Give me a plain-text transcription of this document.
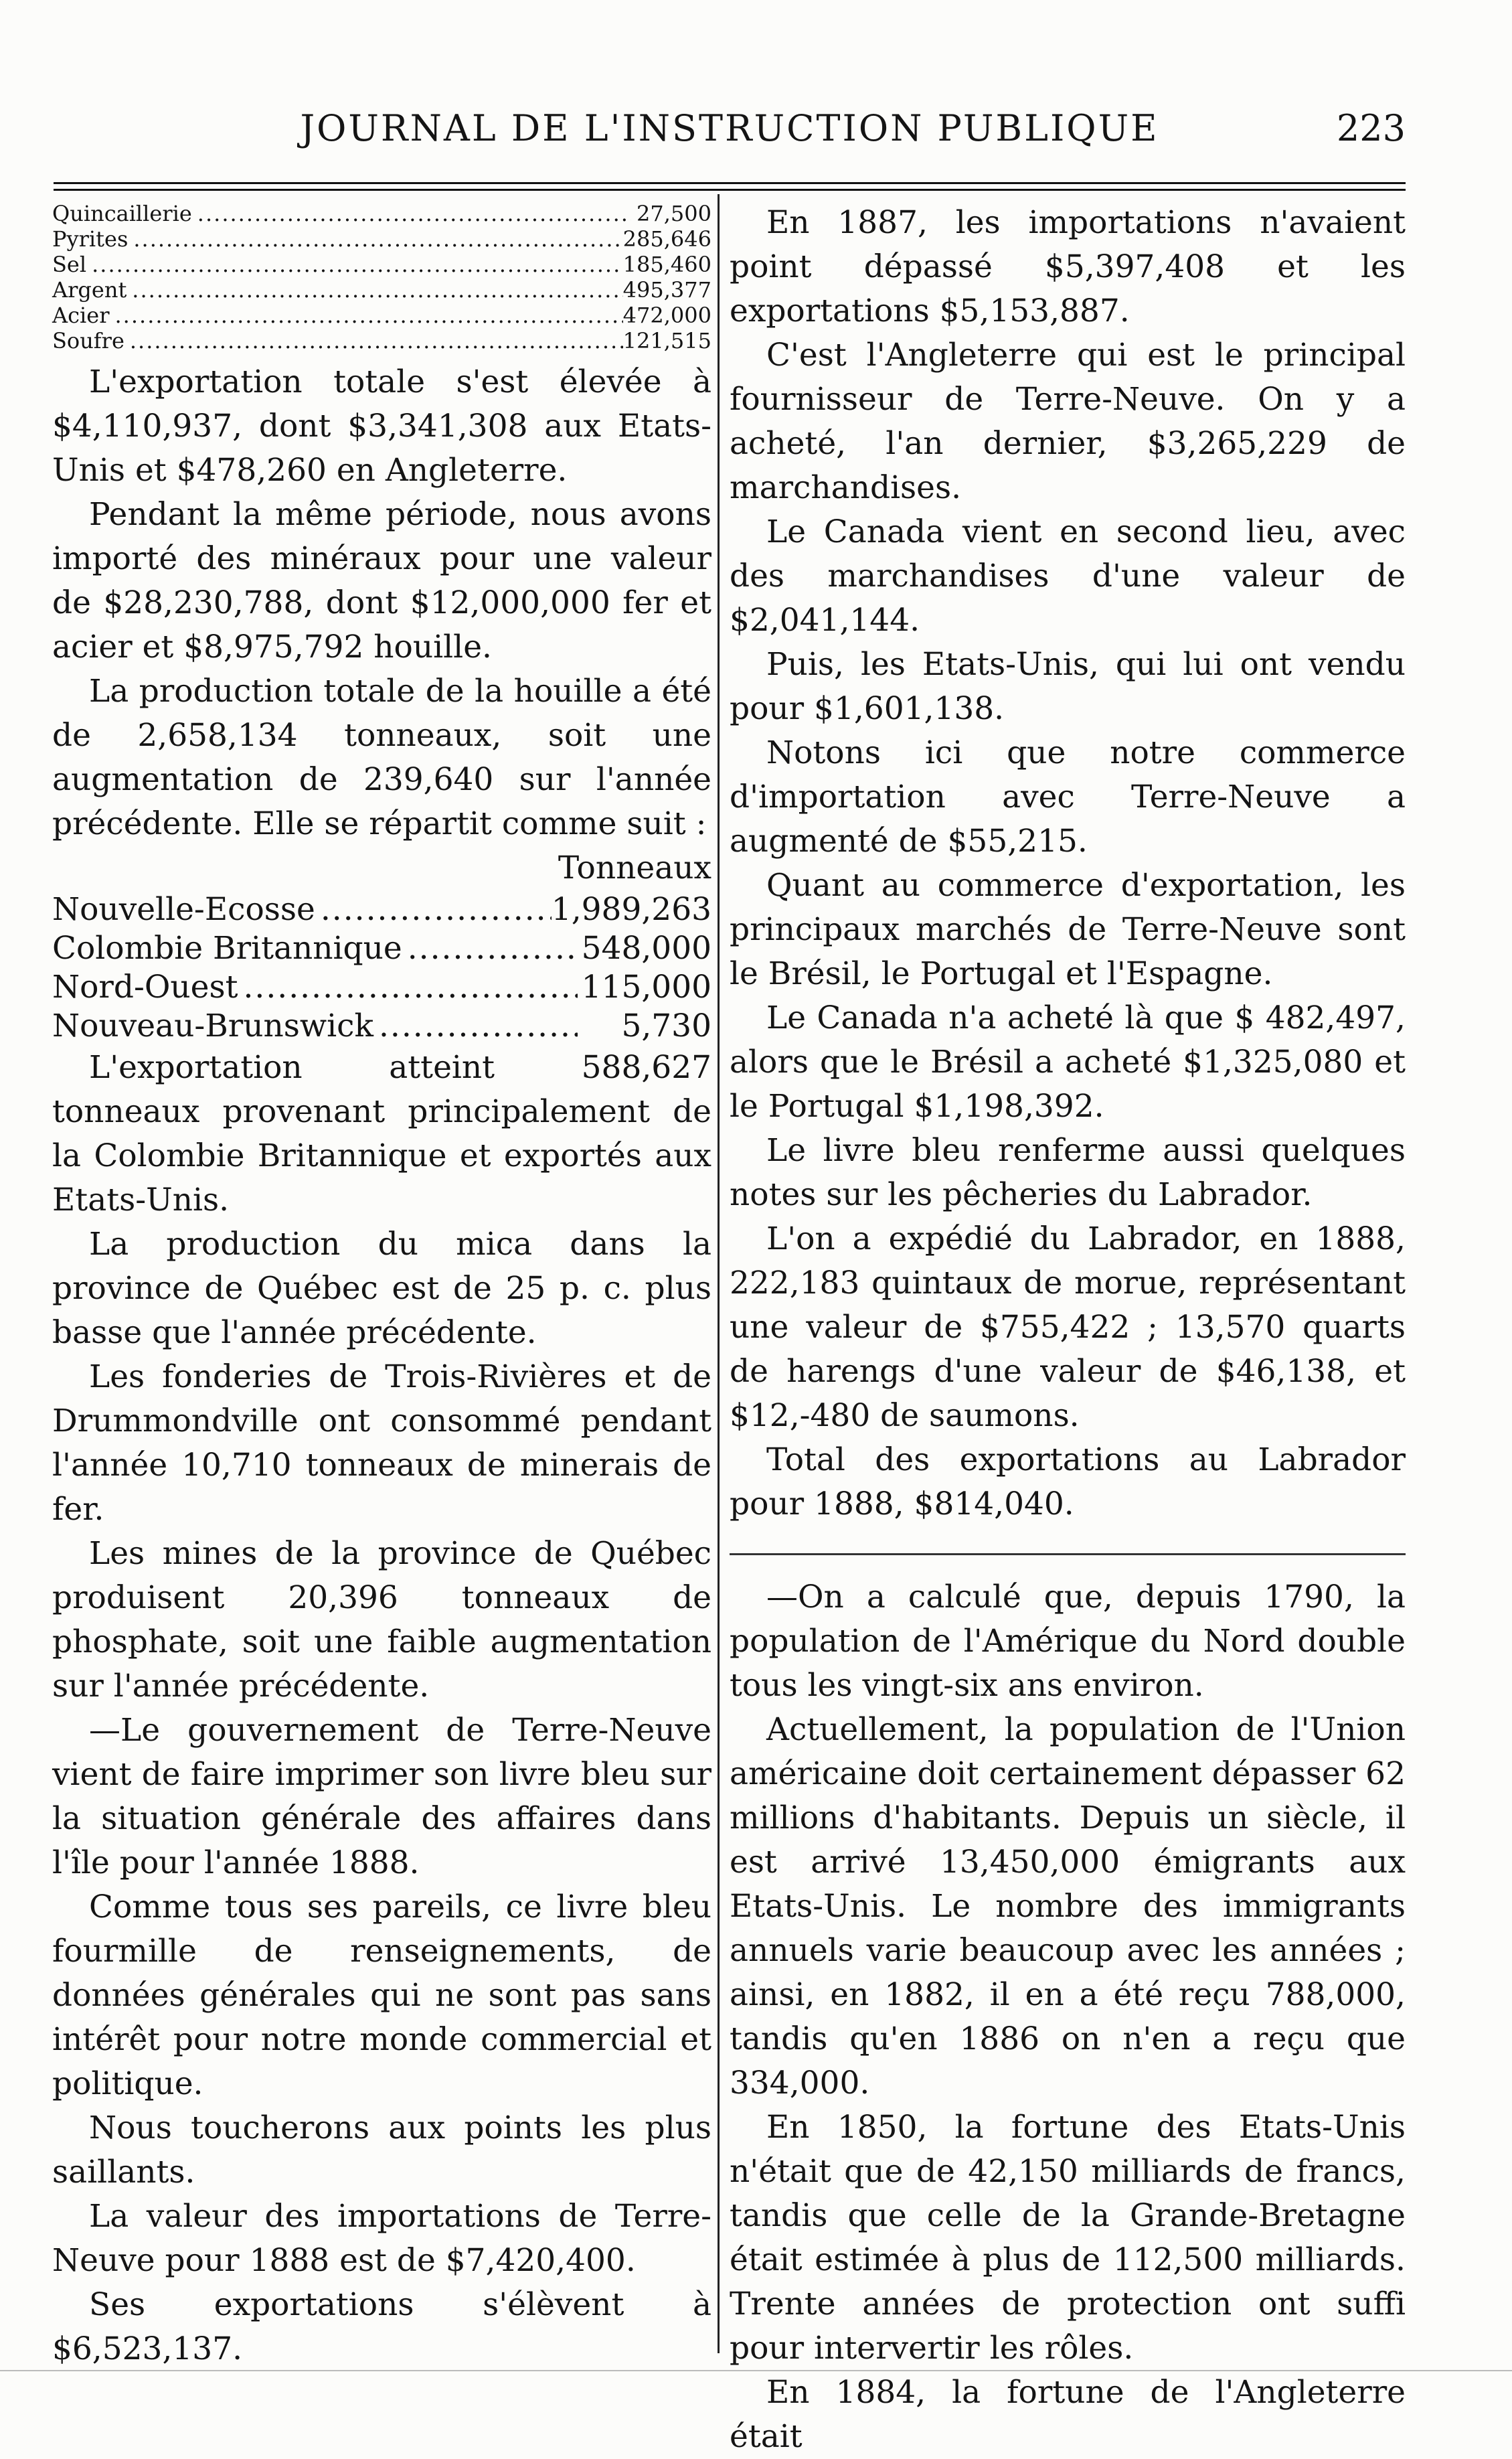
JOURNAL DE L'INSTRUCTION PUBLIQUE	223
Quincaillerie .....	27,500
Pyrites .....	285,646
Sel .....	185,460
Argent .....	495,377
Acier .....	472,000
Soufre .....	121,515

L'exportation totale s'est élevée à $4,110,937, dont $3,341,308 aux Etats-Unis et $478,260 en Angleterre.

Pendant la même période, nous avons importé des minéraux pour une valeur de $28,230,788, dont $12,000,000 fer et acier et $8,975,792 houille.

La production totale de la houille a été de 2,658,134 tonneaux, soit une augmentation de 239,640 sur l'année précédente. Elle se répartit comme suit :

Tonneaux
Nouvelle-Ecosse .....	1,989,263
Colombie Britannique .....	548,000
Nord-Ouest .....	115,000
Nouveau-Brunswick .....	5,730

L'exportation atteint 588,627 tonneaux provenant principalement de la Colombie Britannique et exportés aux Etats-Unis.

La production du mica dans la province de Québec est de 25 p. c. plus basse que l'année précédente.

Les fonderies de Trois-Rivières et de Drummondville ont consommé pendant l'année 10,710 tonneaux de minerais de fer.

Les mines de la province de Québec produisent 20,396 tonneaux de phosphate, soit une faible augmentation sur l'année précédente.

—Le gouvernement de Terre-Neuve vient de faire imprimer son livre bleu sur la situation générale des affaires dans l'île pour l'année 1888.

Comme tous ses pareils, ce livre bleu fourmille de renseignements, de données générales qui ne sont pas sans intérêt pour notre monde commercial et politique.

Nous toucherons aux points les plus saillants.

La valeur des importations de Terre-Neuve pour 1888 est de $7,420,400.

Ses exportations s'élèvent à $6,523,137.

En 1887, les importations n'avaient point dépassé $5,397,408 et les exportations $5,153,887.

C'est l'Angleterre qui est le principal fournisseur de Terre-Neuve. On y a acheté, l'an dernier, $3,265,229 de marchandises.

Le Canada vient en second lieu, avec des marchandises d'une valeur de $2,041,144.

Puis, les Etats-Unis, qui lui ont vendu pour $1,601,138.

Notons ici que notre commerce d'importation avec Terre-Neuve a augmenté de $55,215.

Quant au commerce d'exportation, les principaux marchés de Terre-Neuve sont le Brésil, le Portugal et l'Espagne.

Le Canada n'a acheté là que $ 482,497, alors que le Brésil a acheté $1,325,080 et le Portugal $1,198,392.

Le livre bleu renferme aussi quelques notes sur les pêcheries du Labrador.

L'on a expédié du Labrador, en 1888, 222,183 quintaux de morue, représentant une valeur de $755,422 ; 13,570 quarts de harengs d'une valeur de $46,138, et $12,-480 de saumons.

Total des exportations au Labrador pour 1888, $814,040.

—On a calculé que, depuis 1790, la population de l'Amérique du Nord double tous les vingt-six ans environ.

Actuellement, la population de l'Union américaine doit certainement dépasser 62 millions d'habitants. Depuis un siècle, il est arrivé 13,450,000 émigrants aux Etats-Unis. Le nombre des immigrants annuels varie beaucoup avec les années ; ainsi, en 1882, il en a été reçu 788,000, tandis qu'en 1886 on n'en a reçu que 334,000.

En 1850, la fortune des Etats-Unis n'était que de 42,150 milliards de francs, tandis que celle de la Grande-Bretagne était estimée à plus de 112,500 milliards. Trente années de protection ont suffi pour intervertir les rôles.

En 1884, la fortune de l'Angleterre était
